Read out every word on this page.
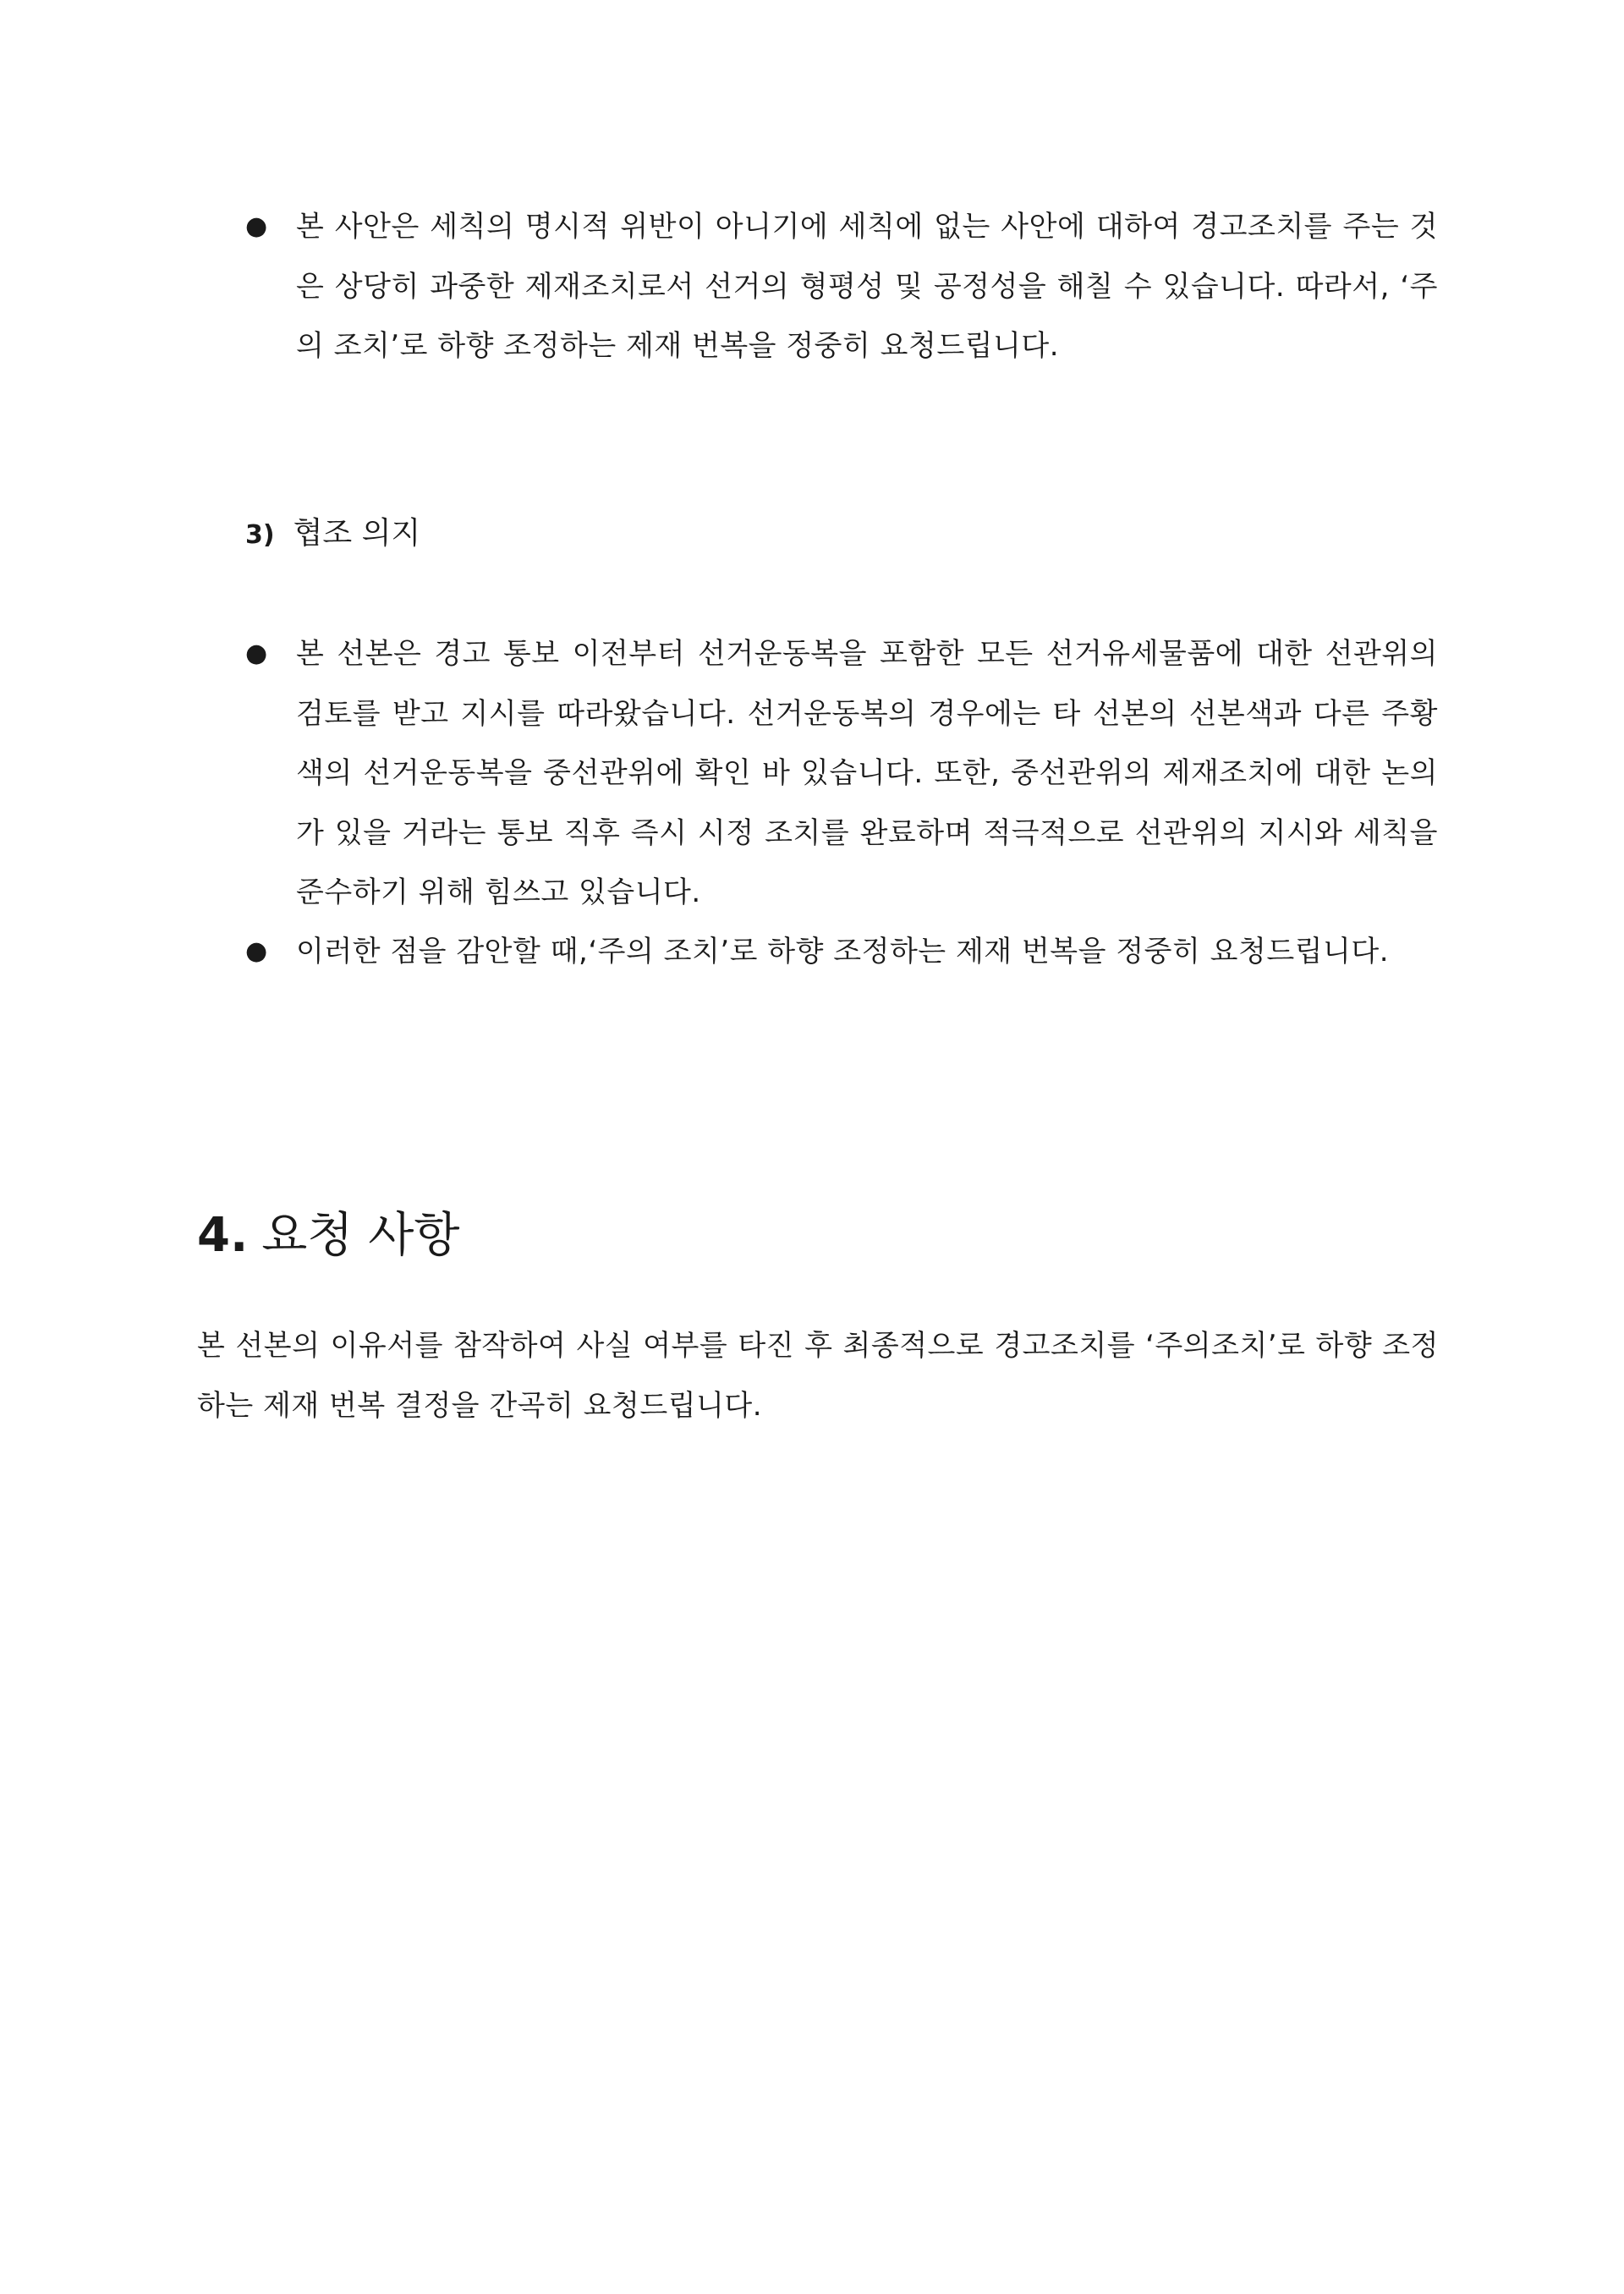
● 본 사안은 세칙의 명시적 위반이 아니기에 세칙에 없는 사안에 대하여 경고조치를 주는 것은 상당히 과중한 제재조치로서 선거의 형평성 및 공정성을 해칠 수 있습니다. 따라서, ‘주의 조치’로 하향 조정하는 제재 번복을 정중히 요청드립니다.
3) 협조 의지
● 본 선본은 경고 통보 이전부터 선거운동복을 포함한 모든 선거유세물품에 대한 선관위의 검토를 받고 지시를 따라왔습니다. 선거운동복의 경우에는 타 선본의 선본색과 다른 주황색의 선거운동복을 중선관위에 확인 바 있습니다. 또한, 중선관위의 제재조치에 대한 논의가 있을 거라는 통보 직후 즉시 시정 조치를 완료하며 적극적으로 선관위의 지시와 세칙을 준수하기 위해 힘쓰고 있습니다.
● 이러한 점을 감안할 때,‘주의 조치’로 하향 조정하는 제재 번복을 정중히 요청드립니다.
4. 요청 사항
본 선본의 이유서를 참작하여 사실 여부를 타진 후 최종적으로 경고조치를 ‘주의조치’로 하향 조정하는 제재 번복 결정을 간곡히 요청드립니다.
